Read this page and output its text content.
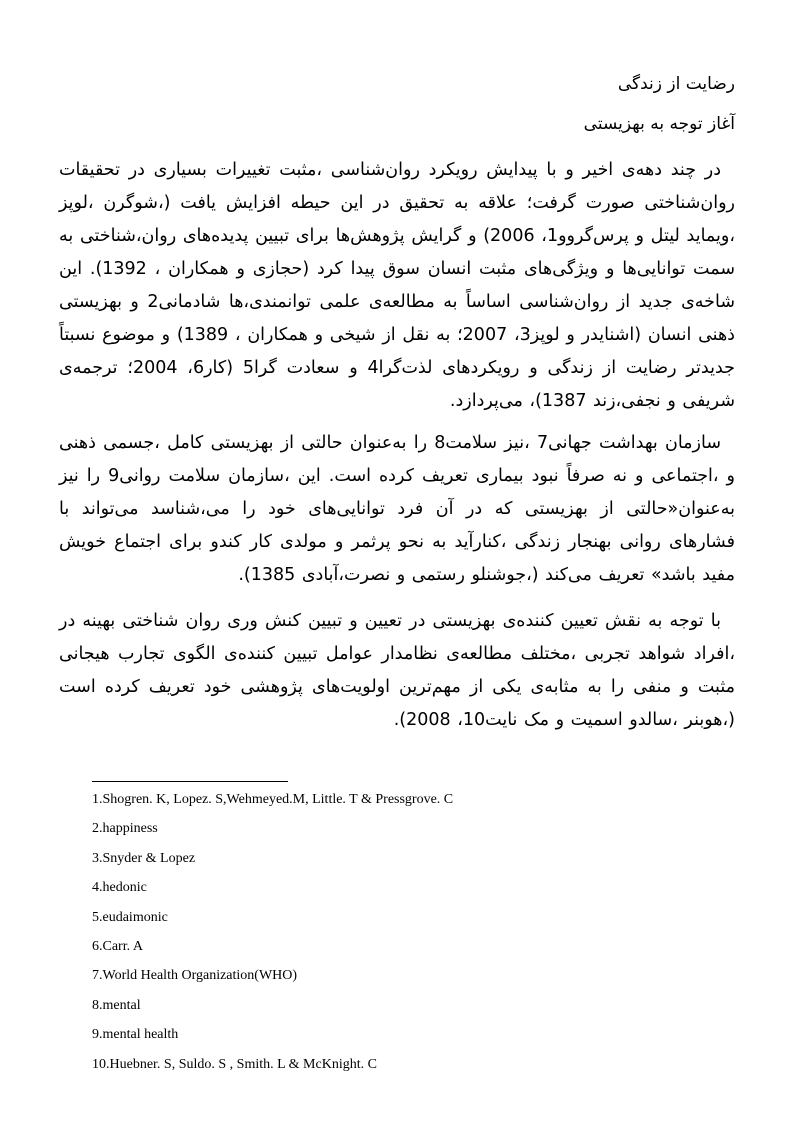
رضایت از زندگی
آغاز توجه به بهزیستی

در چند دهه‌ی اخیر و با پیدایش رویکرد روان‌شناسی ،مثبت تغییرات بسیاری در تحقیقات روان‌شناختی صورت گرفت؛ علاقه به تحقیق در این حیطه افزایش یافت (،شوگرن ،لوپز ،ویماید لیتل و پرس‌گروو1، 2006) و گرایش پژوهش‌ها برای تبیین پدیده‌های روان،شناختی به سمت توانایی‌ها و ویژگی‌های مثبت انسان سوق پیدا کرد (حجازی و همکاران ، 1392). این شاخه‌ی جدید از روان‌شناسی اساساً به مطالعه‌ی علمی توانمندی،ها شادمانی2 و بهزیستی ذهنی انسان (اشنایدر و لوپز3، 2007؛ به نقل از شیخی و همکاران ، 1389) و موضوع نسبتاً جدیدتر رضایت از زندگی و رویکردهای لذت‌گرا4 و سعادت گرا5 (کار6، 2004؛ ترجمه‌ی شریفی و نجفی،زند 1387)، می‌پردازد.

سازمان بهداشت جهانی7 ،نیز سلامت8 را به‌عنوان حالتی از بهزیستی کامل ،جسمی ذهنی و ،اجتماعی و نه صرفاً نبود بیماری تعریف کرده است. این ،سازمان سلامت روانی9 را نیز به‌عنوان«حالتی از بهزیستی که در آن فرد توانایی‌های خود را می،شناسد می‌تواند با فشارهای روانی بهنجار زندگی ،کنارآید به نحو پرثمر و مولدی کار کندو برای اجتماع خویش مفید باشد» تعریف می‌کند (،جوشنلو رستمی و نصرت،آبادی 1385).

با توجه به نقش تعیین کننده‌ی بهزیستی در تعیین و تبیین کنش وری روان شناختی بهینه در ،افراد شواهد تجربی ،مختلف مطالعه‌ی نظامدار عوامل تبیین کننده‌ی الگوی تجارب هیجانی مثبت و منفی را به مثابه‌ی یکی از مهم‌ترین اولویت‌های پژوهشی خود تعریف کرده است (،هوبنر ،سالدو اسمیت و مک نایت10، 2008).

1.Shogren. K, Lopez. S,Wehmeyed.M, Little. T & Pressgrove. C
2.happiness
3.Snyder & Lopez
4.hedonic
5.eudaimonic
6.Carr. A
7.World Health Organization(WHO)
8.mental
9.mental health
10.Huebner. S, Suldo. S , Smith. L & McKnight. C
